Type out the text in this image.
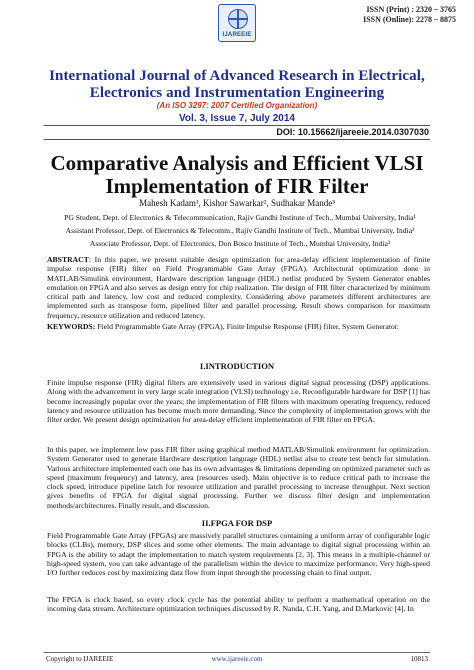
IJAREEIE
ISSN (Print) : 2320 – 3765
ISSN (Online): 2278 – 8875
International Journal of Advanced Research in Electrical,
Electronics and Instrumentation Engineering
(An ISO 3297: 2007 Certified Organization)
Vol. 3, Issue 7, July 2014
DOI: 10.15662/ijareeie.2014.0307030
Comparative Analysis and Efficient VLSI
Implementation of FIR Filter
Mahesh Kadam¹, Kishor Sawarkar², Sudhakar Mande³
PG Student, Dept. of Electronics & Telecommunication, Rajiv Gandhi Institute of Tech., Mumbai University, India¹
Assistant Professor, Dept. of Electronics & Telecomm., Rajiv Gandhi Institute of Tech., Mumbai University, India²
Associate Professor, Dept. of Electronics, Don Bosco Institute of Tech., Mumbai University, India³
ABSTRACT: In this paper, we present suitable design optimization for area-delay efficient implementation of finite impulse response (FIR) filter on Field Programmable Gate Array (FPGA). Architectural optimization done in MATLAB/Simulink environment, Hardware description language (HDL) netlist produced by System Generator enables emulation on FPGA and also serves as design entry for chip realization. The design of FIR filter characterized by minimum critical path and latency, low cost and reduced complexity. Considering above parameters different architectures are implemented such as transpose form, pipelined filter and parallel processing. Result shows comparison for maximum frequency, resource utilization and reduced latency.
KEYWORDS: Field Programmable Gate Array (FPGA), Finite Impulse Response (FIR) filter, System Generator.
I.INTRODUCTION
Finite impulse response (FIR) digital filters are extensively used in various digital signal processing (DSP) applications. Along with the advancement in very large scale integration (VLSI) technology i.e. Reconfigurable hardware for DSP [1] has become increasingly popular over the years; the implementation of FIR filters with maximum operating frequency, reduced latency and resource utilization has become much more demanding. Since the complexity of implementation grows with the filter order. We present design optimization for area-delay efficient implementation of FIR filter on FPGA.
In this paper, we implement low pass FIR filter using graphical method MATLAB/Simulink environment for optimization. System Generator used to generate Hardware description language (HDL) netlist also to create test bench for simulation. Various architecture implemented each one has its own advantages & limitations depending on optimized parameter such as speed (maximum frequency) and latency, area (resources used). Main objective is to reduce critical path to increase the clock speed, introduce pipeline latch for resource utilization and parallel processing to increase throughput. Next section gives benefits of FPGA for digital signal processing. Further we discuss filter design and implementation methods/architectures. Finally result, and discussion.
II.FPGA FOR DSP
Field Programmable Gate Array (FPGAs) are massively parallel structures containing a uniform array of configurable logic blocks (CLBs), memory, DSP slices and some other elements. The main advantage to digital signal processing within an FPGA is the ability to adapt the implementation to match system requirements [2, 3]. This means in a multiple-channel or high-speed system, you can take advantage of the parallelism within the device to maximize performance. Very high-speed I/O further reduces cost by maximizing data flow from input through the processing chain to final output.
The FPGA is clock based, so every clock cycle has the potential ability to perform a mathematical operation on the incoming data stream. Architecture optimization techniques discussed by R. Nanda, C.H. Yang, and D.Markovic [4]. In
Copyright to IJAREEIE	www.ijareeie.com	10813
